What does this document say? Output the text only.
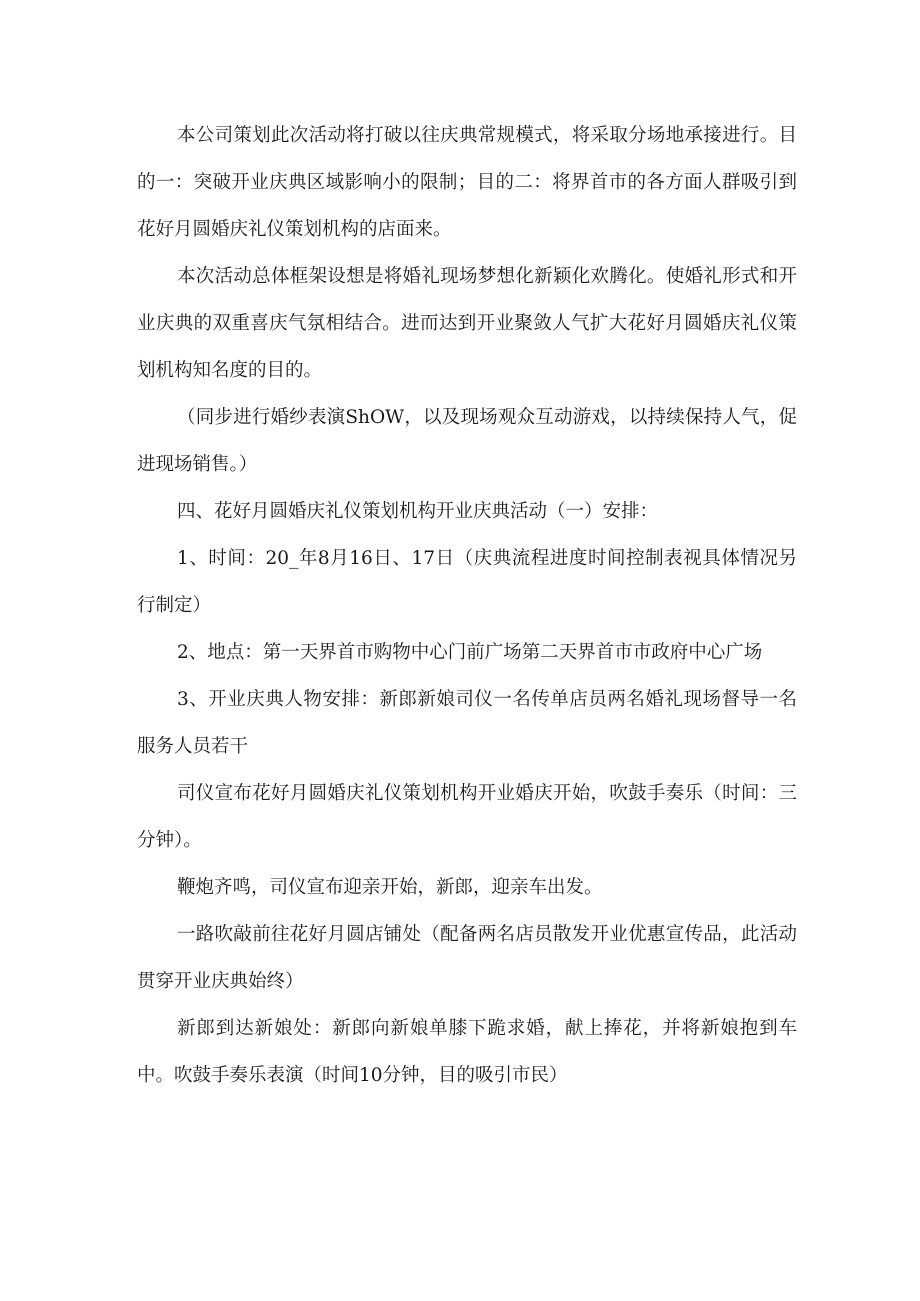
本公司策划此次活动将打破以往庆典常规模式，将采取分场地承接进行。目的一：突破开业庆典区域影响小的限制；目的二：将界首市的各方面人群吸引到花好月圆婚庆礼仪策划机构的店面来。

本次活动总体框架设想是将婚礼现场梦想化新颖化欢腾化。使婚礼形式和开业庆典的双重喜庆气氛相结合。进而达到开业聚敛人气扩大花好月圆婚庆礼仪策划机构知名度的目的。

（同步进行婚纱表演ShOW，以及现场观众互动游戏，以持续保持人气，促进现场销售。）

四、花好月圆婚庆礼仪策划机构开业庆典活动（一）安排：

1、时间：20_年8月16日、17日（庆典流程进度时间控制表视具体情况另行制定）

2、地点：第一天界首市购物中心门前广场第二天界首市市政府中心广场

3、开业庆典人物安排：新郎新娘司仪一名传单店员两名婚礼现场督导一名服务人员若干

司仪宣布花好月圆婚庆礼仪策划机构开业婚庆开始，吹鼓手奏乐（时间：三分钟）。

鞭炮齐鸣，司仪宣布迎亲开始，新郎，迎亲车出发。

一路吹敲前往花好月圆店铺处（配备两名店员散发开业优惠宣传品，此活动贯穿开业庆典始终）

新郎到达新娘处：新郎向新娘单膝下跪求婚，献上捧花，并将新娘抱到车中。吹鼓手奏乐表演（时间10分钟，目的吸引市民）
